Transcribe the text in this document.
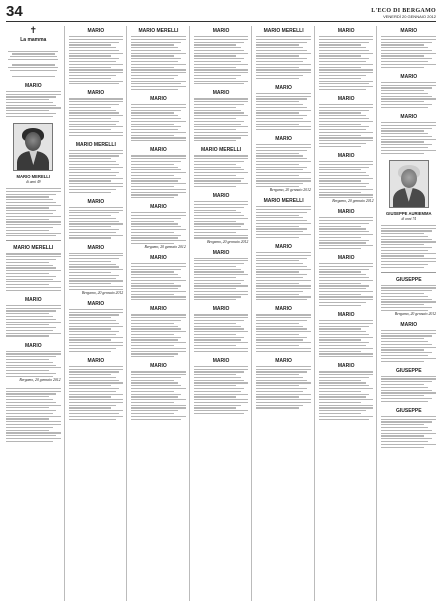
34	L'ECO DI BERGAMO
VENERDÌ 20 GENNAIO 2012
✝
La mamma
MARIO
MARIO MERELLI
di anni 49
MARIO MERELLI
MARIO
MARIO
Bergamo, 20 gennaio 2012
MARIO
MARIO
MARIO MERELLI
MARIO
MARIO
Bergamo, 20 gennaio 2012
MARIO
MARIO
MARIO MERELLI
MARIO
MARIO
MARIO
Bergamo, 20 gennaio 2012
MARIO
MARIO
MARIO
MARIO
MARIO
MARIO MERELLI
MARIO
Bergamo, 20 gennaio 2012
MARIO
MARIO
MARIO
MARIO MERELLI
MARIO
MARIO
Bergamo, 20 gennaio 2012
MARIO MERELLI
MARIO
MARIO
MARIO
MARIO
MARIO
MARIO
Bergamo, 20 gennaio 2012
MARIO
MARIO
MARIO
MARIO
MARIO
MARIO
MARIO
GIUSEPPE AURIEMMA
di anni 74
GIUSEPPE
Bergamo, 20 gennaio 2012
MARIO
GIUSEPPE
GIUSEPPE
